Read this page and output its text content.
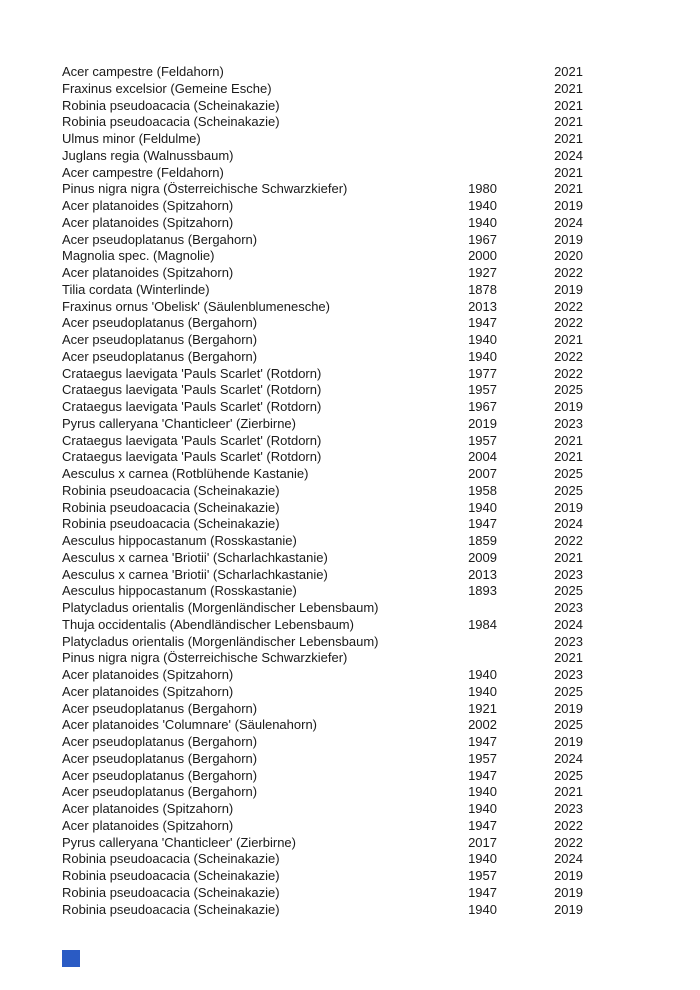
Acer campestre (Feldahorn)		2021
Fraxinus excelsior (Gemeine Esche)		2021
Robinia pseudoacacia (Scheinakazie)		2021
Robinia pseudoacacia (Scheinakazie)		2021
Ulmus minor (Feldulme)		2021
Juglans regia (Walnussbaum)		2024
Acer campestre (Feldahorn)		2021
Pinus nigra nigra (Österreichische Schwarzkiefer)	1980	2021
Acer platanoides (Spitzahorn)	1940	2019
Acer platanoides (Spitzahorn)	1940	2024
Acer pseudoplatanus (Bergahorn)	1967	2019
Magnolia spec. (Magnolie)	2000	2020
Acer platanoides (Spitzahorn)	1927	2022
Tilia cordata (Winterlinde)	1878	2019
Fraxinus ornus 'Obelisk' (Säulenblumenesche)	2013	2022
Acer pseudoplatanus (Bergahorn)	1947	2022
Acer pseudoplatanus (Bergahorn)	1940	2021
Acer pseudoplatanus (Bergahorn)	1940	2022
Crataegus laevigata 'Pauls Scarlet' (Rotdorn)	1977	2022
Crataegus laevigata 'Pauls Scarlet' (Rotdorn)	1957	2025
Crataegus laevigata 'Pauls Scarlet' (Rotdorn)	1967	2019
Pyrus calleryana 'Chanticleer' (Zierbirne)	2019	2023
Crataegus laevigata 'Pauls Scarlet' (Rotdorn)	1957	2021
Crataegus laevigata 'Pauls Scarlet' (Rotdorn)	2004	2021
Aesculus x carnea (Rotblühende Kastanie)	2007	2025
Robinia pseudoacacia (Scheinakazie)	1958	2025
Robinia pseudoacacia (Scheinakazie)	1940	2019
Robinia pseudoacacia (Scheinakazie)	1947	2024
Aesculus hippocastanum (Rosskastanie)	1859	2022
Aesculus x carnea 'Briotii' (Scharlachkastanie)	2009	2021
Aesculus x carnea 'Briotii' (Scharlachkastanie)	2013	2023
Aesculus hippocastanum (Rosskastanie)	1893	2025
Platycladus orientalis (Morgenländischer Lebensbaum)		2023
Thuja occidentalis (Abendländischer Lebensbaum)	1984	2024
Platycladus orientalis (Morgenländischer Lebensbaum)		2023
Pinus nigra nigra (Österreichische Schwarzkiefer)		2021
Acer platanoides (Spitzahorn)	1940	2023
Acer platanoides (Spitzahorn)	1940	2025
Acer pseudoplatanus (Bergahorn)	1921	2019
Acer platanoides 'Columnare' (Säulenahorn)	2002	2025
Acer pseudoplatanus (Bergahorn)	1947	2019
Acer pseudoplatanus (Bergahorn)	1957	2024
Acer pseudoplatanus (Bergahorn)	1947	2025
Acer pseudoplatanus (Bergahorn)	1940	2021
Acer platanoides (Spitzahorn)	1940	2023
Acer platanoides (Spitzahorn)	1947	2022
Pyrus calleryana 'Chanticleer' (Zierbirne)	2017	2022
Robinia pseudoacacia (Scheinakazie)	1940	2024
Robinia pseudoacacia (Scheinakazie)	1957	2019
Robinia pseudoacacia (Scheinakazie)	1947	2019
Robinia pseudoacacia (Scheinakazie)	1940	2019
